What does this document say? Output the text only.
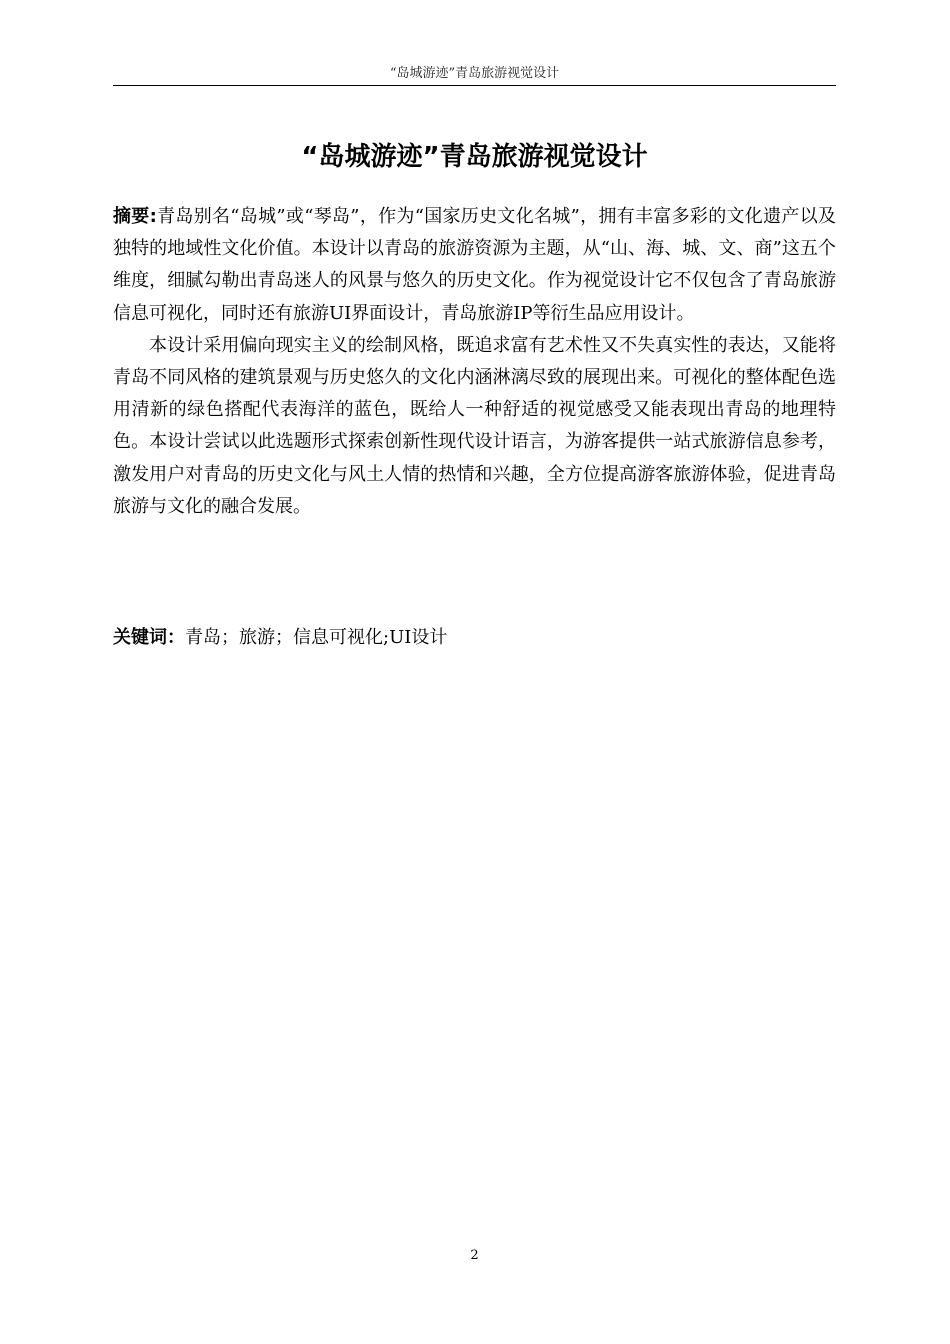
“岛城游迹”青岛旅游视觉设计
“岛城游迹”青岛旅游视觉设计

摘要:青岛别名“岛城”或“琴岛”，作为“国家历史文化名城”，拥有丰富多彩的文化遗产以及独特的地域性文化价值。本设计以青岛的旅游资源为主题，从“山、海、城、文、商”这五个维度，细腻勾勒出青岛迷人的风景与悠久的历史文化。作为视觉设计它不仅包含了青岛旅游信息可视化，同时还有旅游UI界面设计，青岛旅游IP等衍生品应用设计。

本设计采用偏向现实主义的绘制风格，既追求富有艺术性又不失真实性的表达，又能将青岛不同风格的建筑景观与历史悠久的文化内涵淋漓尽致的展现出来。可视化的整体配色选用清新的绿色搭配代表海洋的蓝色，既给人一种舒适的视觉感受又能表现出青岛的地理特色。本设计尝试以此选题形式探索创新性现代设计语言，为游客提供一站式旅游信息参考，激发用户对青岛的历史文化与风土人情的热情和兴趣，全方位提高游客旅游体验，促进青岛旅游与文化的融合发展。

关键词：青岛；旅游；信息可视化;UI设计

2
